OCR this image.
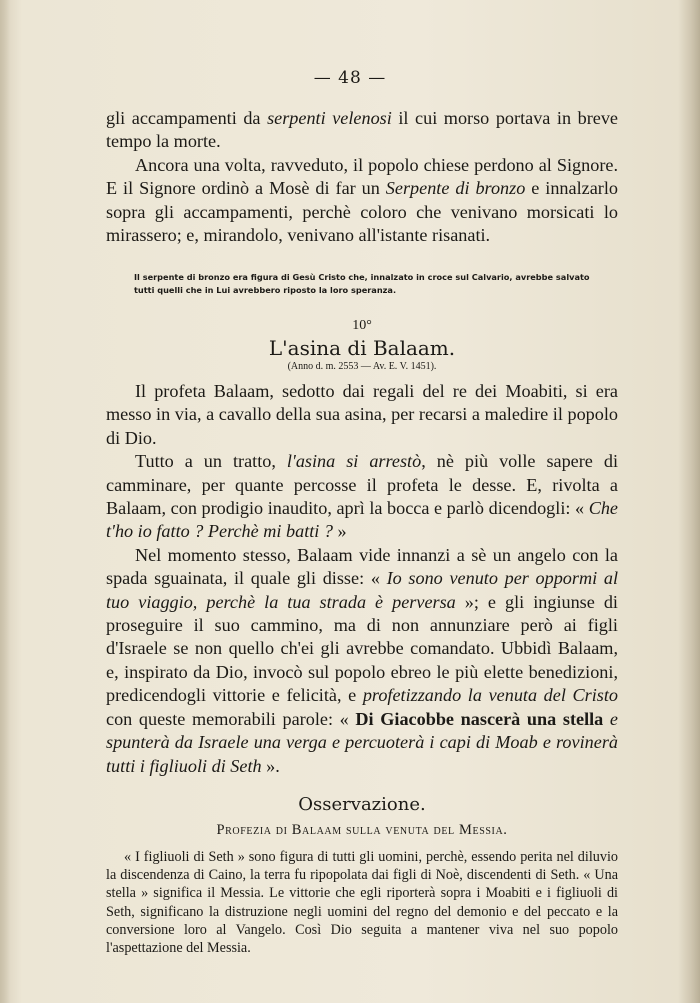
— 48 —

gli accampamenti da serpenti velenosi il cui morso portava in breve tempo la morte.

Ancora una volta, ravveduto, il popolo chiese perdono al Signore. E il Signore ordinò a Mosè di far un Serpente di bronzo e innalzarlo sopra gli accampamenti, perchè coloro che venivano morsicati lo mirassero; e, mirandolo, venivano all'istante risanati.

Il serpente di bronzo era figura di Gesù Cristo che, innalzato in croce sul Calvario, avrebbe salvato tutti quelli che in Lui avrebbero riposto la loro speranza.

10°

L'asina di Balaam.

(Anno d. m. 2553 — Av. E. V. 1451).

Il profeta Balaam, sedotto dai regali del re dei Moabiti, si era messo in via, a cavallo della sua asina, per recarsi a maledire il popolo di Dio.

Tutto a un tratto, l'asina si arrestò, nè più volle sapere di camminare, per quante percosse il profeta le desse. E, rivolta a Balaam, con prodigio inaudito, aprì la bocca e parlò dicendogli: « Che t'ho io fatto ? Perchè mi batti ? »

Nel momento stesso, Balaam vide innanzi a sè un angelo con la spada sguainata, il quale gli disse: « Io sono venuto per oppormi al tuo viaggio, perchè la tua strada è perversa »; e gli ingiunse di proseguire il suo cammino, ma di non annunziare però ai figli d'Israele se non quello ch'ei gli avrebbe comandato. Ubbidì Balaam, e, inspirato da Dio, invocò sul popolo ebreo le più elette benedizioni, predicendogli vittorie e felicità, e profetizzando la venuta del Cristo con queste memorabili parole: « Di Giacobbe nascerà una stella e spunterà da Israele una verga e percuoterà i capi di Moab e rovinerà tutti i figliuoli di Seth ».

Osservazione.

Profezia di Balaam sulla venuta del Messia.

« I figliuoli di Seth » sono figura di tutti gli uomini, perchè, essendo perita nel diluvio la discendenza di Caino, la terra fu ripopolata dai figli di Noè, discendenti di Seth. « Una stella » significa il Messia. Le vittorie che egli riporterà sopra i Moabiti e i figliuoli di Seth, significano la distruzione negli uomini del regno del demonio e del peccato e la conversione loro al Vangelo. Così Dio seguita a mantener viva nel suo popolo l'aspettazione del Messia.
